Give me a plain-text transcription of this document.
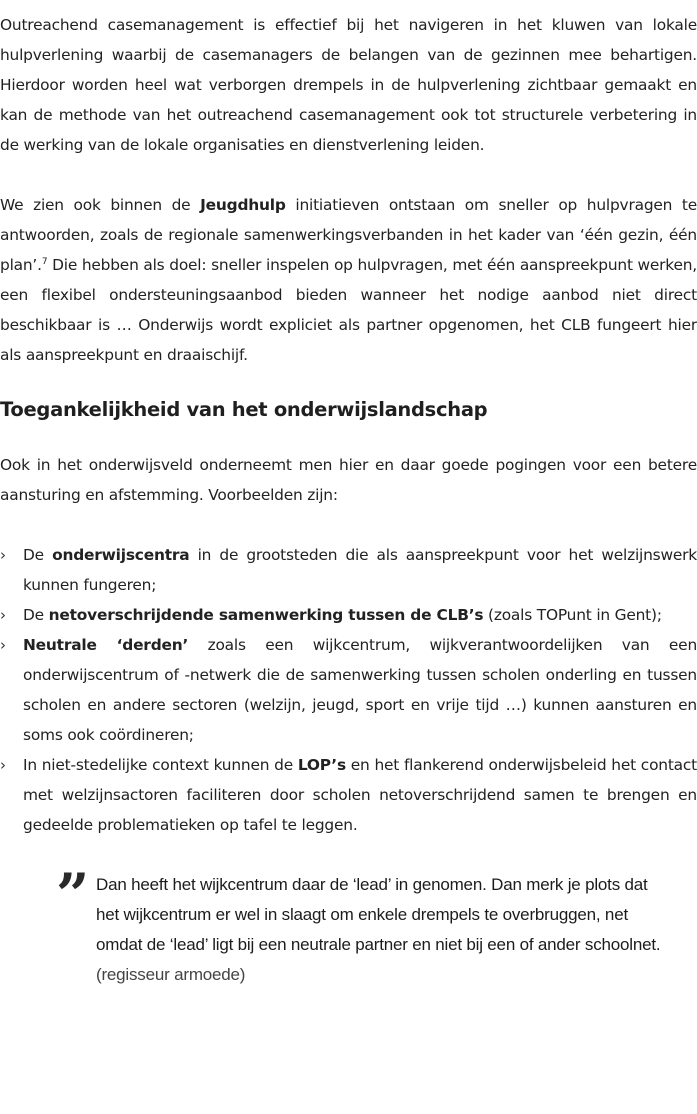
Outreachend casemanagement is effectief bij het navigeren in het kluwen van lokale hulpverlening waarbij de casemanagers de belangen van de gezinnen mee behartigen. Hierdoor worden heel wat verborgen drempels in de hulpverlening zichtbaar gemaakt en kan de methode van het outreachend casemanagement ook tot structurele verbetering in de werking van de lokale organisaties en dienstverlening leiden.

We zien ook binnen de Jeugdhulp initiatieven ontstaan om sneller op hulpvragen te antwoorden, zoals de regionale samenwerkingsverbanden in het kader van ‘één gezin, één plan’.$^7$ Die hebben als doel: sneller inspelen op hulpvragen, met één aanspreekpunt werken, een flexibel ondersteuningsaanbod bieden wanneer het nodige aanbod niet direct beschikbaar is … Onderwijs wordt expliciet als partner opgenomen, het CLB fungeert hier als aanspreekpunt en draaischijf.

Toegankelijkheid van het onderwijslandschap

Ook in het onderwijsveld onderneemt men hier en daar goede pogingen voor een betere aansturing en afstemming. Voorbeelden zijn:

› De onderwijscentra in de grootsteden die als aanspreekpunt voor het welzijnswerk kunnen fungeren;
› De netoverschrijdende samenwerking tussen de CLB’s (zoals TOPunt in Gent);
› Neutrale ‘derden’ zoals een wijkcentrum, wijkverantwoordelijken van een onderwijscentrum of -netwerk die de samenwerking tussen scholen onderling en tussen scholen en andere sectoren (welzijn, jeugd, sport en vrije tijd …) kunnen aansturen en soms ook coördineren;
› In niet-stedelijke context kunnen de LOP’s en het flankerend onderwijsbeleid het contact met welzijnsactoren faciliteren door scholen netoverschrijdend samen te brengen en gedeelde problematieken op tafel te leggen.
” Dan heeft het wijkcentrum daar de ‘lead’ in genomen. Dan merk je plots dat het wijkcentrum er wel in slaagt om enkele drempels te overbruggen, net omdat de ‘lead’ ligt bij een neutrale partner en niet bij een of ander schoolnet. (regisseur armoede)
